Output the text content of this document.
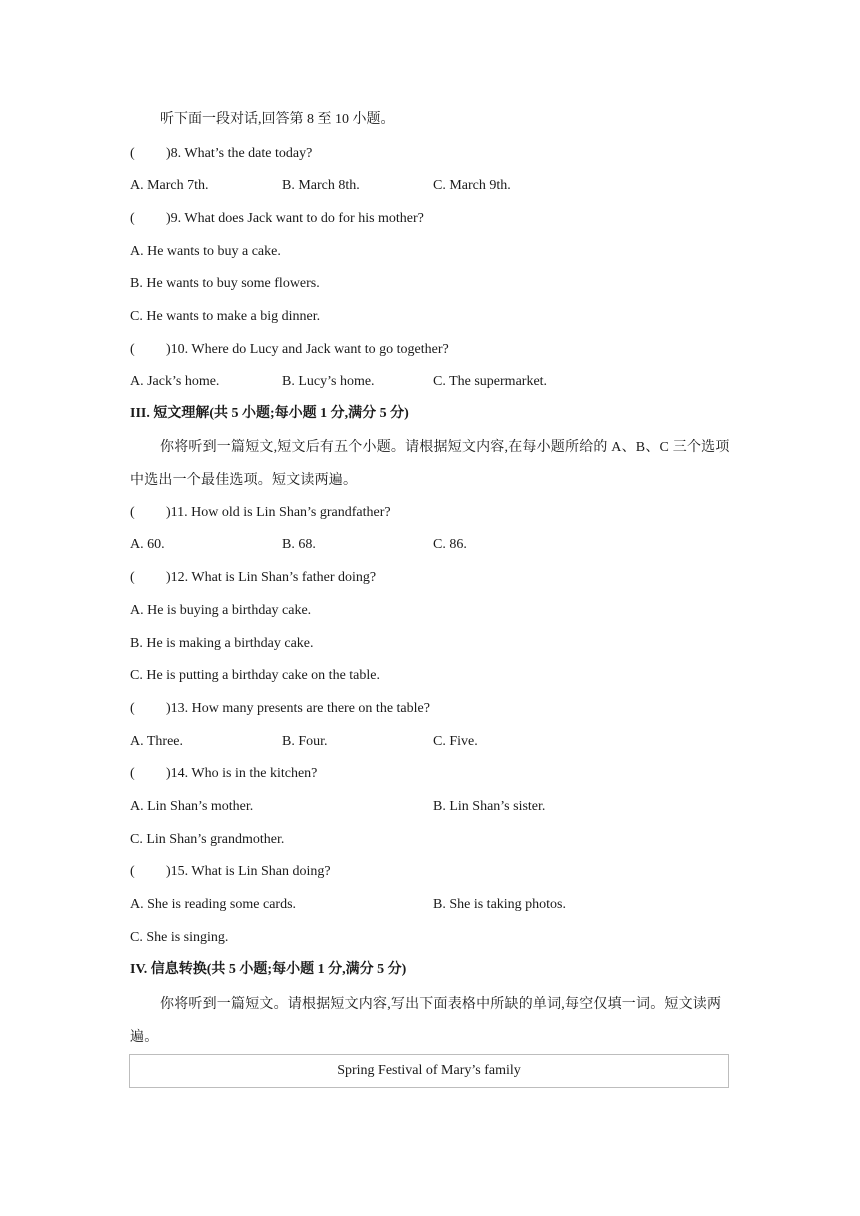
听下面一段对话,回答第 8 至 10 小题。
( )8. What’s the date today?
A. March 7th.	B. March 8th.	C. March 9th.
( )9. What does Jack want to do for his mother?
A. He wants to buy a cake.
B. He wants to buy some flowers.
C. He wants to make a big dinner.
( )10. Where do Lucy and Jack want to go together?
A. Jack’s home.	B. Lucy’s home.	C. The supermarket.
III. 短文理解(共 5 小题;每小题 1 分,满分 5 分)
你将听到一篇短文,短文后有五个小题。请根据短文内容,在每小题所给的 A、B、C 三个选项中选出一个最佳选项。短文读两遍。
( )11. How old is Lin Shan’s grandfather?
A. 60.	B. 68.	C. 86.
( )12. What is Lin Shan’s father doing?
A. He is buying a birthday cake.
B. He is making a birthday cake.
C. He is putting a birthday cake on the table.
( )13. How many presents are there on the table?
A. Three.	B. Four.	C. Five.
( )14. Who is in the kitchen?
A. Lin Shan’s mother.	B. Lin Shan’s sister.
C. Lin Shan’s grandmother.
( )15. What is Lin Shan doing?
A. She is reading some cards.	B. She is taking photos.
C. She is singing.
IV. 信息转换(共 5 小题;每小题 1 分,满分 5 分)
你将听到一篇短文。请根据短文内容,写出下面表格中所缺的单词,每空仅填一词。短文读两遍。
Spring Festival of Mary’s family
